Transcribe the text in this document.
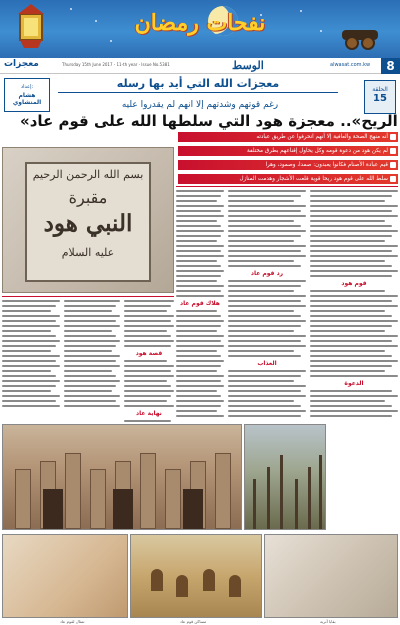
نفحات رمضان
8
الوسط
Thursday 15th June 2017 - 11-th year - Issue No.5381	alwasat.com.kw
معجزات
معجزات الله التي أيد بها رسله
إعداد:
هشام المنشاوي
الحلقة
15
رغم قوتهم وشدتهم إلا انهم لم يقدروا عليه
«الريح».. معجزة هود التي سلطها الله على قوم عاد
أنه منهج الصحة والعافية إلا أنهم انحرفوا عن طريق عبادته
لم يكن هود من دعوة قومه وكل يحاول إقناعهم بطرق مختلفة
قيم عبادة الأصنام فكانوا يعبدون: صمدا، وصمود، وهرا
سلط الله على قوم هود ريحا قوية قلعت الأشجار وهدمت المنازل
بسم الله الرحمن الرحيم
مقبرة
النبي هود
عليه السلام
قوم هود
الدعوة
رد قوم عاد
العذاب
هلاك قوم عاد
قصة هود
نهاية عاد
تمثال لقوم عاد	مساكن قوم عاد	بقايا أثرية
